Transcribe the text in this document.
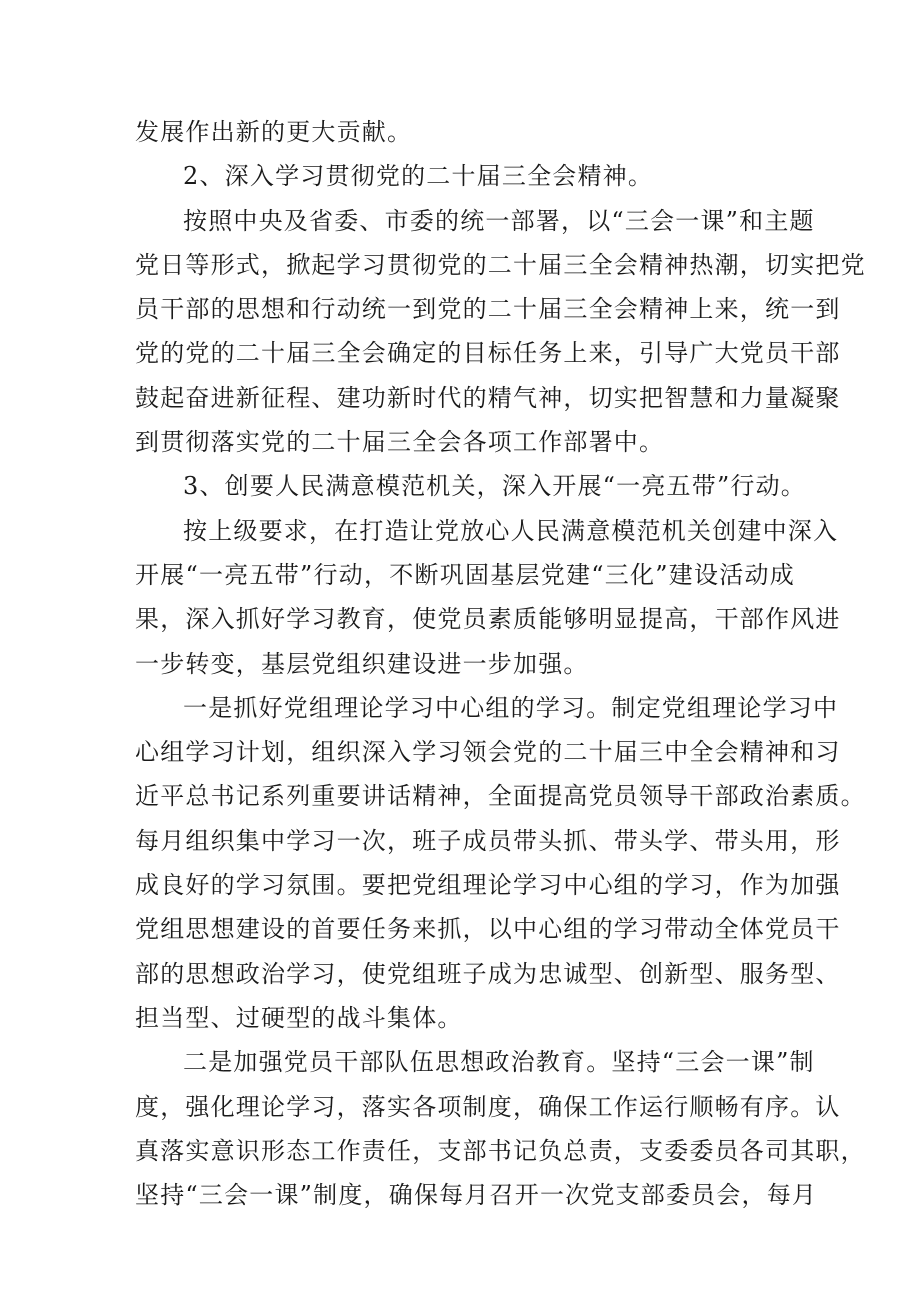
发展作出新的更大贡献。
2、深入学习贯彻党的二十届三全会精神。
按照中央及省委、市委的统一部署，以“三会一课”和主题
党日等形式，掀起学习贯彻党的二十届三全会精神热潮，切实把党
员干部的思想和行动统一到党的二十届三全会精神上来，统一到
党的党的二十届三全会确定的目标任务上来，引导广大党员干部
鼓起奋进新征程、建功新时代的精气神，切实把智慧和力量凝聚
到贯彻落实党的二十届三全会各项工作部署中。
3、创要人民满意模范机关，深入开展“一亮五带”行动。
按上级要求，在打造让党放心人民满意模范机关创建中深入
开展“一亮五带”行动，不断巩固基层党建“三化”建设活动成
果，深入抓好学习教育，使党员素质能够明显提高，干部作风进
一步转变，基层党组织建设进一步加强。
一是抓好党组理论学习中心组的学习。制定党组理论学习中
心组学习计划，组织深入学习领会党的二十届三中全会精神和习
近平总书记系列重要讲话精神，全面提高党员领导干部政治素质。
每月组织集中学习一次，班子成员带头抓、带头学、带头用，形
成良好的学习氛围。要把党组理论学习中心组的学习，作为加强
党组思想建设的首要任务来抓，以中心组的学习带动全体党员干
部的思想政治学习，使党组班子成为忠诚型、创新型、服务型、
担当型、过硬型的战斗集体。
二是加强党员干部队伍思想政治教育。坚持“三会一课”制
度，强化理论学习，落实各项制度，确保工作运行顺畅有序。认
真落实意识形态工作责任，支部书记负总责，支委委员各司其职，
坚持“三会一课”制度，确保每月召开一次党支部委员会，每月
